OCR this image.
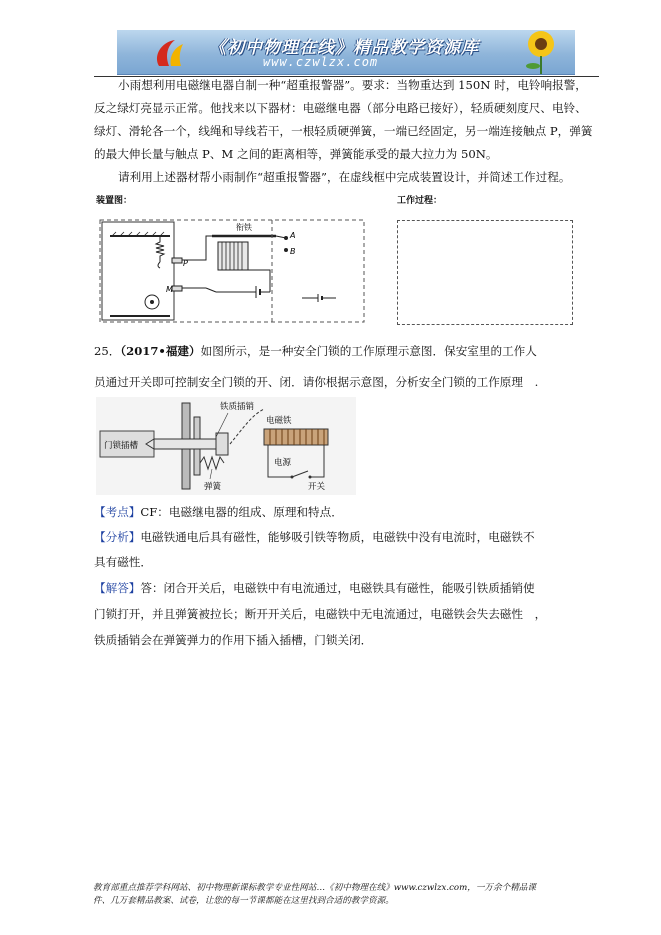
《初中物理在线》精品教学资源库
www.czwlzx.com
小雨想利用电磁继电器自制一种“超重报警器”。要求：当物重达到 150N 时，电铃响报警，
反之绿灯亮显示正常。他找来以下器材：电磁继电器（部分电路已接好），轻质硬刻度尺、电铃、
绿灯、滑轮各一个，线绳和导线若干，一根轻质硬弹簧，一端已经固定，另一端连接触点 P，弹簧
的最大伸长量与触点 P、M 之间的距离相等，弹簧能承受的最大拉力为 50N。
请利用上述器材帮小雨制作“超重报警器”，在虚线框中完成装置设计，并简述工作过程。
装置图：	工作过程：
P
M
衔铁
A
B
25．（2017•福建）如图所示，是一种安全门锁的工作原理示意图．保安室里的工作人
员通过开关即可控制安全门锁的开、闭．请你根据示意图，分析安全门锁的工作原理　.
门锁插槽
弹簧
铁质插销
电磁铁
电源
开关
【考点】CF：电磁继电器的组成、原理和特点．
【分析】电磁铁通电后具有磁性，能够吸引铁等物质，电磁铁中没有电流时，电磁铁不
具有磁性．
【解答】答：闭合开关后，电磁铁中有电流通过，电磁铁具有磁性，能吸引铁质插销使
门锁打开，并且弹簧被拉长；断开开关后，电磁铁中无电流通过，电磁铁会失去磁性　，
铁质插销会在弹簧弹力的作用下插入插槽，门锁关闭．
教育部重点推荐学科网站、初中物理新课标教学专业性网站…《初中物理在线》www.czwlzx.com，一万余个精品课
件、几万套精品教案、试卷，让您的每一节课都能在这里找到合适的教学资源。
